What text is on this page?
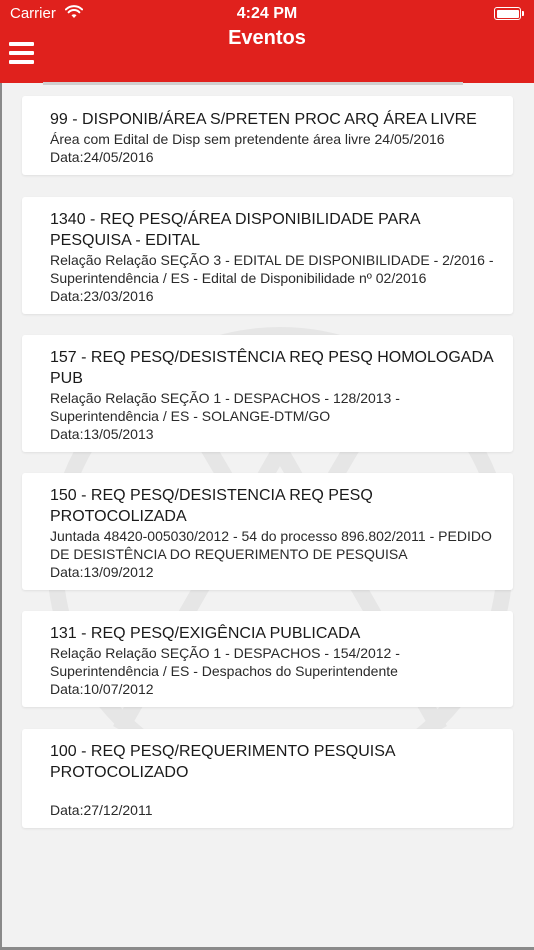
Carrier	4:24 PM
Eventos

99 - DISPONIB/ÁREA S/PRETEN PROC ARQ ÁREA LIVRE

Área com Edital de Disp sem pretendente área livre 24/05/2016

Data:24/05/2016

1340 - REQ PESQ/ÁREA DISPONIBILIDADE PARA PESQUISA - EDITAL

Relação Relação SEÇÃO 3 - EDITAL DE DISPONIBILIDADE - 2/2016 - Superintendência / ES - Edital de Disponibilidade nº 02/2016

Data:23/03/2016

157 - REQ PESQ/DESISTÊNCIA REQ PESQ HOMOLOGADA PUB

Relação Relação SEÇÃO 1 - DESPACHOS - 128/2013 - Superintendência / ES - SOLANGE-DTM/GO

Data:13/05/2013

150 - REQ PESQ/DESISTENCIA REQ PESQ PROTOCOLIZADA

Juntada 48420-005030/2012 - 54 do processo 896.802/2011 - PEDIDO DE DESISTÊNCIA DO REQUERIMENTO DE PESQUISA

Data:13/09/2012

131 - REQ PESQ/EXIGÊNCIA PUBLICADA

Relação Relação SEÇÃO 1 - DESPACHOS - 154/2012 - Superintendência / ES - Despachos do Superintendente

Data:10/07/2012

100 - REQ PESQ/REQUERIMENTO PESQUISA PROTOCOLIZADO

Data:27/12/2011
